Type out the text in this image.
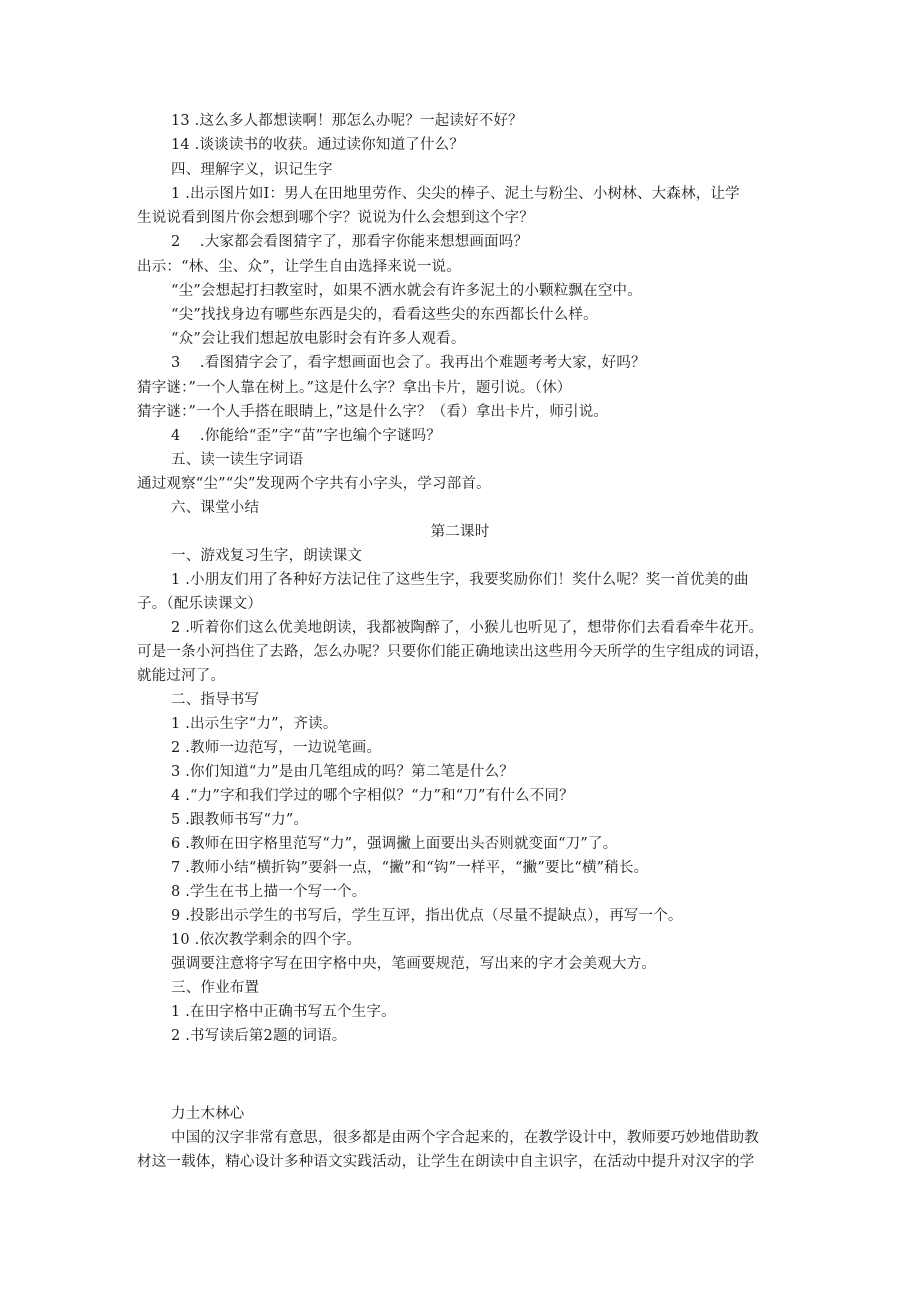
13 .这么多人都想读啊！那怎么办呢？一起读好不好？
14 .谈谈读书的收获。通过读你知道了什么？
四、理解字义，识记生字
1 .出示图片如Ⅰ：男人在田地里劳作、尖尖的棒子、泥土与粉尘、小树林、大森林，让学
生说说看到图片你会想到哪个字？说说为什么会想到这个字？
2　 .大家都会看图猜字了，那看字你能来想想画面吗？
出示：“林、尘、众”，让学生自由选择来说一说。
“尘”会想起打扫教室时，如果不洒水就会有许多泥土的小颗粒飘在空中。
“尖”找找身边有哪些东西是尖的，看看这些尖的东西都长什么样。
“众”会让我们想起放电影时会有许多人观看。
3　 .看图猜字会了，看字想画面也会了。我再出个难题考考大家，好吗？
猜字谜：”一个人靠在树上。”这是什么字？拿出卡片，题引说。（休）
猜字谜：”一个人手搭在眼睛上，”这是什么字？（看）拿出卡片，师引说。
4　 .你能给“歪”字“苗”字也编个字谜吗？
五、读一读生字词语
通过观察“尘”“尖”发现两个字共有小字头，学习部首。
六、课堂小结
第二课时
一、游戏复习生字，朗读课文
1 .小朋友们用了各种好方法记住了这些生字，我要奖励你们！奖什么呢？奖一首优美的曲
子。（配乐读课文）
2 .听着你们这么优美地朗读，我都被陶醉了，小猴儿也听见了，想带你们去看看牵牛花开。
可是一条小河挡住了去路，怎么办呢？只要你们能正确地读出这些用今天所学的生字组成的词语，
就能过河了。
二、指导书写
1 .出示生字“力”，齐读。
2 .教师一边范写，一边说笔画。
3 .你们知道“力”是由几笔组成的吗？第二笔是什么？
4 .“力”字和我们学过的哪个字相似？“力”和“刀”有什么不同？
5 .跟教师书写“力”。
6 .教师在田字格里范写“力”，强调撇上面要出头否则就变面“刀”了。
7 .教师小结“横折钩”要斜一点，“撇”和“钩”一样平，“撇”要比“横”稍长。
8 .学生在书上描一个写一个。
9 .投影出示学生的书写后，学生互评，指出优点（尽量不提缺点），再写一个。
10 .依次教学剩余的四个字。
强调要注意将字写在田字格中央，笔画要规范，写出来的字才会美观大方。
三、作业布置
1 .在田字格中正确书写五个生字。
2 .书写读后第2题的词语。
力土木林心
中国的汉字非常有意思，很多都是由两个字合起来的，在教学设计中，教师要巧妙地借助教
材这一载体，精心设计多种语文实践活动，让学生在朗读中自主识字，在活动中提升对汉字的学
